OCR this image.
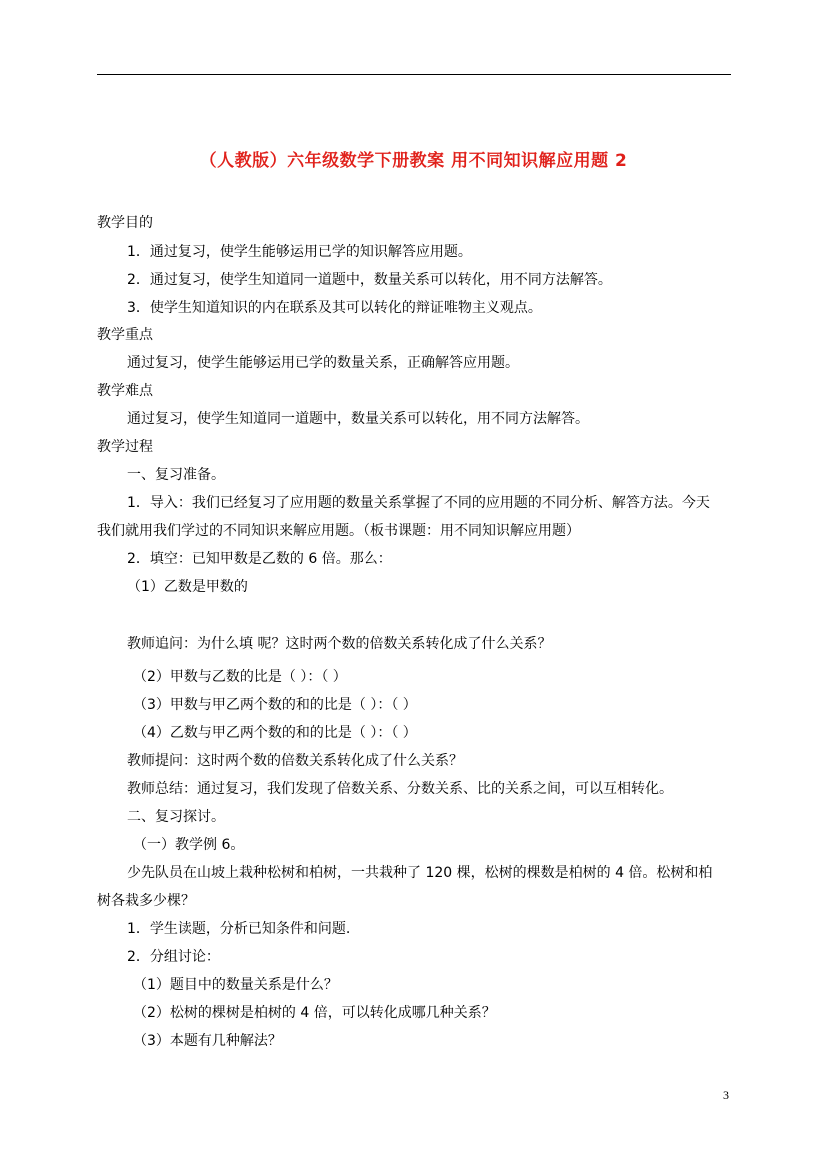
（人教版）六年级数学下册教案 用不同知识解应用题 2
教学目的
1．通过复习，使学生能够运用已学的知识解答应用题。
2．通过复习，使学生知道同一道题中，数量关系可以转化，用不同方法解答。
3．使学生知道知识的内在联系及其可以转化的辩证唯物主义观点。
教学重点
通过复习，使学生能够运用已学的数量关系，正确解答应用题。
教学难点
通过复习，使学生知道同一道题中，数量关系可以转化，用不同方法解答。
教学过程
一、复习准备。
1．导入：我们已经复习了应用题的数量关系掌握了不同的应用题的不同分析、解答方法。今天
我们就用我们学过的不同知识来解应用题。（板书课题：用不同知识解应用题）
2．填空：已知甲数是乙数的 6 倍。那么：
（1）乙数是甲数的
教师追问：为什么填 呢？这时两个数的倍数关系转化成了什么关系？
（2）甲数与乙数的比是（ ）：（ ）
（3）甲数与甲乙两个数的和的比是（ ）：（ ）
（4）乙数与甲乙两个数的和的比是（ ）：（ ）
教师提问：这时两个数的倍数关系转化成了什么关系？
教师总结：通过复习，我们发现了倍数关系、分数关系、比的关系之间，可以互相转化。
二、复习探讨。
（一）教学例 6。
少先队员在山坡上栽种松树和柏树，一共栽种了 120 棵，松树的棵数是柏树的 4 倍。松树和柏
树各栽多少棵？
1．学生读题，分析已知条件和问题.
2．分组讨论：
（1）题目中的数量关系是什么？
（2）松树的棵树是柏树的 4 倍，可以转化成哪几种关系？
（3）本题有几种解法？
3
